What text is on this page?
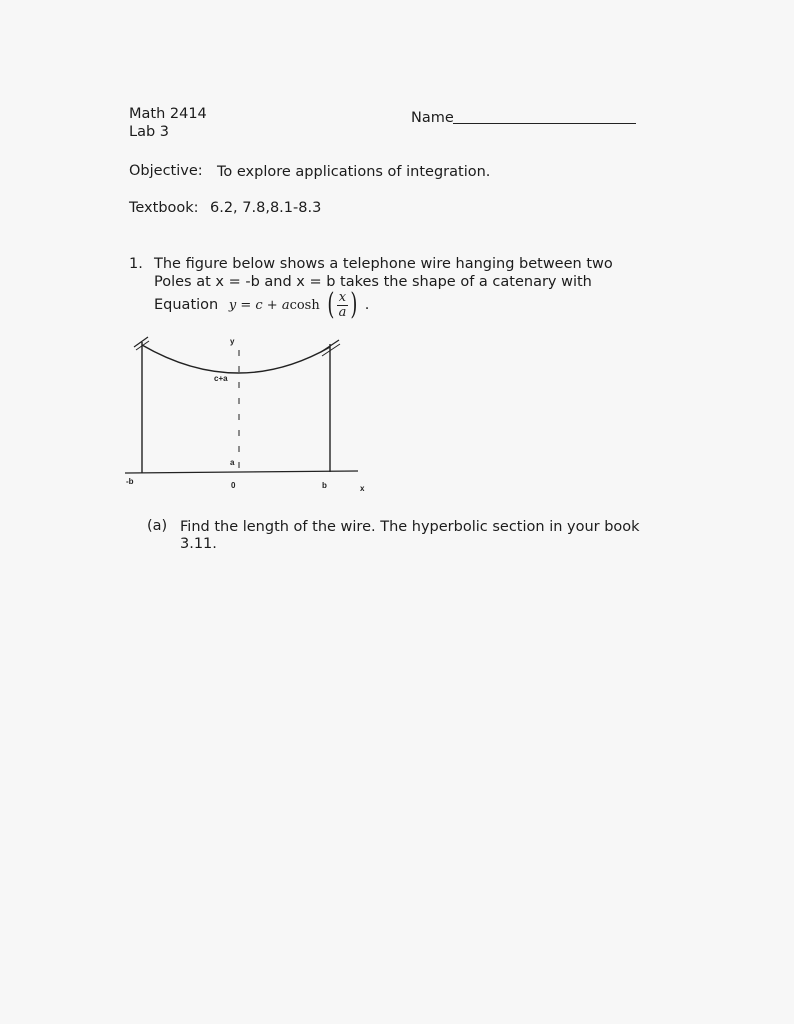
Math 2414
Lab 3
Name
Objective: To explore applications of integration.
Textbook: 6.2, 7.8,8.1-8.3
1. The figure below shows a telephone wire hanging between two
Poles at x = -b and x = b takes the shape of a catenary with
Equation y = c + acosh ( $\frac{x}{a}$ ) .
y
c+a
a
-b	0	b	x
(a) Find the length of the wire. The hyperbolic section in your book
3.11.
